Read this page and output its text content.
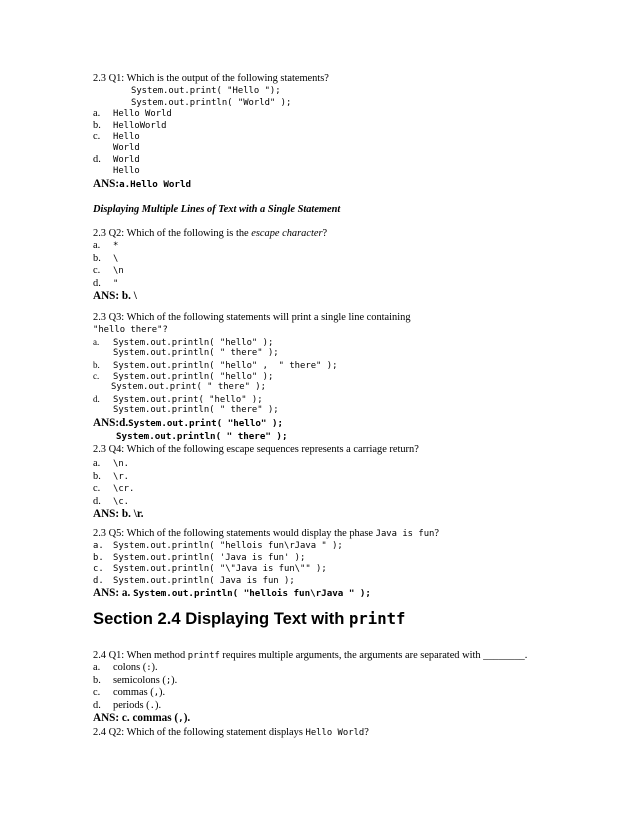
2.3 Q1: Which is the output of the following statements?
System.out.print( "Hello ");
System.out.println( "World" );
a. Hello World
b. HelloWorld
c. Hello
World
d. World
Hello
ANS:a.Hello World
Displaying Multiple Lines of Text with a Single Statement
2.3 Q2: Which of the following is the escape character?
a. *
b. \
c. \n
d. "
ANS: b. \
2.3 Q3: Which of the following statements will print a single line containing
"hello there"?
a. System.out.println( "hello" );
System.out.println( " there" );
b. System.out.println( "hello" ,  " there" );
c. System.out.println( "hello" );
System.out.print( " there" );
d. System.out.print( "hello" );
System.out.println( " there" );
ANS:d.System.out.print( "hello" );
System.out.println( " there" );
2.3 Q4: Which of the following escape sequences represents a carriage return?
a. \n.
b. \r.
c. \cr.
d. \c.
ANS: b. \r.
2.3 Q5: Which of the following statements would display the phase Java is fun?
a. System.out.println( "hellois fun\rJava " );
b. System.out.println( 'Java is fun' );
c. System.out.println( "\"Java is fun\"" );
d. System.out.println( Java is fun );
ANS: a. System.out.println( "hellois fun\rJava " );
Section 2.4 Displaying Text with printf
2.4 Q1: When method printf requires multiple arguments, the arguments are separated with ________.
a. colons (:).
b. semicolons (;).
c. commas (,).
d. periods (.).
ANS: c. commas (,).
2.4 Q2: Which of the following statement displays Hello World?
